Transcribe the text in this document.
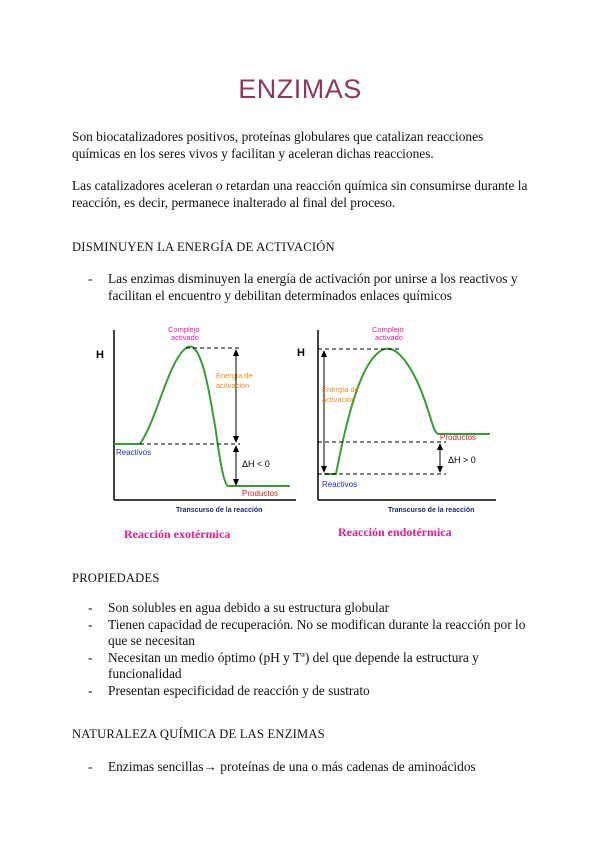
ENZIMAS

Son biocatalizadores positivos, proteínas globulares que catalizan reacciones químicas en los seres vivos y facilitan y aceleran dichas reacciones.

Las catalizadores aceleran o retardan una reacción química sin consumirse durante la reacción, es decir, permanece inalterado al final del proceso.

DISMINUYEN LA ENERGÍA DE ACTIVACIÓN

- Las enzimas disminuyen la energía de activación por unirse a los reactivos y facilitan el encuentro y debilitan determinados enlaces químicos
H
Complejo
activado
Energía de
activación
Reactivos
ΔH < 0
Productos
Transcurso de la reacción
Reacción exotérmica
H
Complejo
activado
Energía de
activación
Productos
ΔH > 0
Reactivos
Transcurso de la reacción
Reacción endotérmica

PROPIEDADES

- Son solubles en agua debido a su estructura globular
- Tienen capacidad de recuperación. No se modifican durante la reacción por lo que se necesitan
- Necesitan un medio óptimo (pH y Tª) del que depende la estructura y funcionalidad
- Presentan especificidad de reacción y de sustrato

NATURALEZA QUÍMICA DE LAS ENZIMAS

- Enzimas sencillas→ proteínas de una o más cadenas de aminoácidos
